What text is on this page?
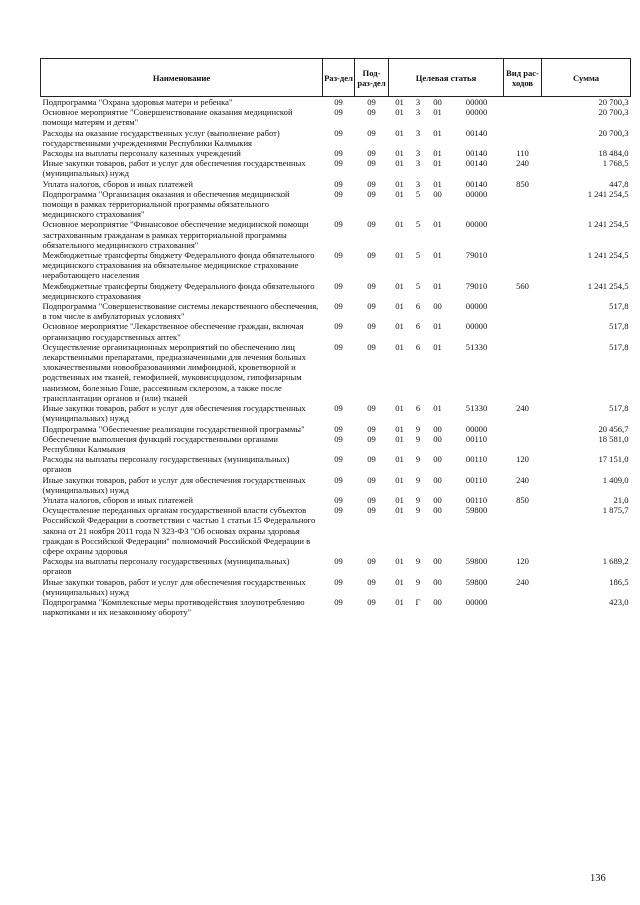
Наименование	Раз-дел	Под-раз-дел	Целевая статья				Вид рас-ходов	Сумма
Подпрограмма "Охрана здоровья матери и ребенка"	09	09	01	3	00	00000		20 700,3
Основное мероприятие "Совершенствование оказания медицинской помощи матерям и детям"	09	09	01	3	01	00000		20 700,3
Расходы на оказание государственных услуг (выполнение работ) государственными учреждениями Республики Калмыкия	09	09	01	3	01	00140		20 700,3
Расходы на выплаты персоналу казенных учреждений	09	09	01	3	01	00140	110	18 484,0
Иные закупки товаров, работ и услуг для обеспечения государственных (муниципальных) нужд	09	09	01	3	01	00140	240	1 768,5
Уплата налогов, сборов и иных платежей	09	09	01	3	01	00140	850	447,8
Подпрограмма "Организация оказания и обеспечения медицинской помощи в рамках территориальной программы обязательного медицинского страхования"	09	09	01	5	00	00000		1 241 254,5
Основное мероприятие "Финансовое обеспечение медицинской помощи застрахованным гражданам в рамках территориальной программы обязательного медицинского страхования"	09	09	01	5	01	00000		1 241 254,5
Межбюджетные трансферты бюджету Федерального фонда обязательного медицинского страхования на обязательное медицинское страхование неработающего населения	09	09	01	5	01	79010		1 241 254,5
Межбюджетные трансферты бюджету Федерального фонда обязательного медицинского страхования	09	09	01	5	01	79010	560	1 241 254,5
Подпрограмма "Совершенствование системы лекарственного обеспечения, в том числе в амбулаторных условиях"	09	09	01	6	00	00000		517,8
Основное мероприятие "Лекарственное обеспечение граждан, включая организацию государственных аптек"	09	09	01	6	01	00000		517,8
Осуществление организационных мероприятий по обеспечению лиц лекарственными препаратами, предназначенными для лечения больных злокачественными новообразованиями лимфоидной, кроветворной и родственных им тканей, гемофилией, муковисцидозом, гипофизарным нанизмом, болезнью Гоше, рассеянным склерозом, а также после трансплантации органов и (или) тканей	09	09	01	6	01	51330		517,8
Иные закупки товаров, работ и услуг для обеспечения государственных (муниципальных) нужд	09	09	01	6	01	51330	240	517,8
Подпрограмма "Обеспечение реализации государственной программы"	09	09	01	9	00	00000		20 456,7
Обеспечение выполнения функций государственными органами Республики Калмыкия	09	09	01	9	00	00110		18 581,0
Расходы на выплаты персоналу государственных (муниципальных) органов	09	09	01	9	00	00110	120	17 151,0
Иные закупки товаров, работ и услуг для обеспечения государственных (муниципальных) нужд	09	09	01	9	00	00110	240	1 409,0
Уплата налогов, сборов и иных платежей	09	09	01	9	00	00110	850	21,0
Осуществление переданных органам государственной власти субъектов Российской Федерации в соответствии с частью 1 статьи 15 Федерального закона от 21 ноября 2011 года N 323-ФЗ "Об основах охраны здоровья граждан в Российской Федерации" полномочий Российской Федерации в сфере охраны здоровья	09	09	01	9	00	59800		1 875,7
Расходы на выплаты персоналу государственных (муниципальных) органов	09	09	01	9	00	59800	120	1 689,2
Иные закупки товаров, работ и услуг для обеспечения государственных (муниципальных) нужд	09	09	01	9	00	59800	240	186,5
Подпрограмма "Комплексные меры противодействия злоупотреблению наркотиками и их незаконному обороту"	09	09	01	Г	00	00000		423,0
136
